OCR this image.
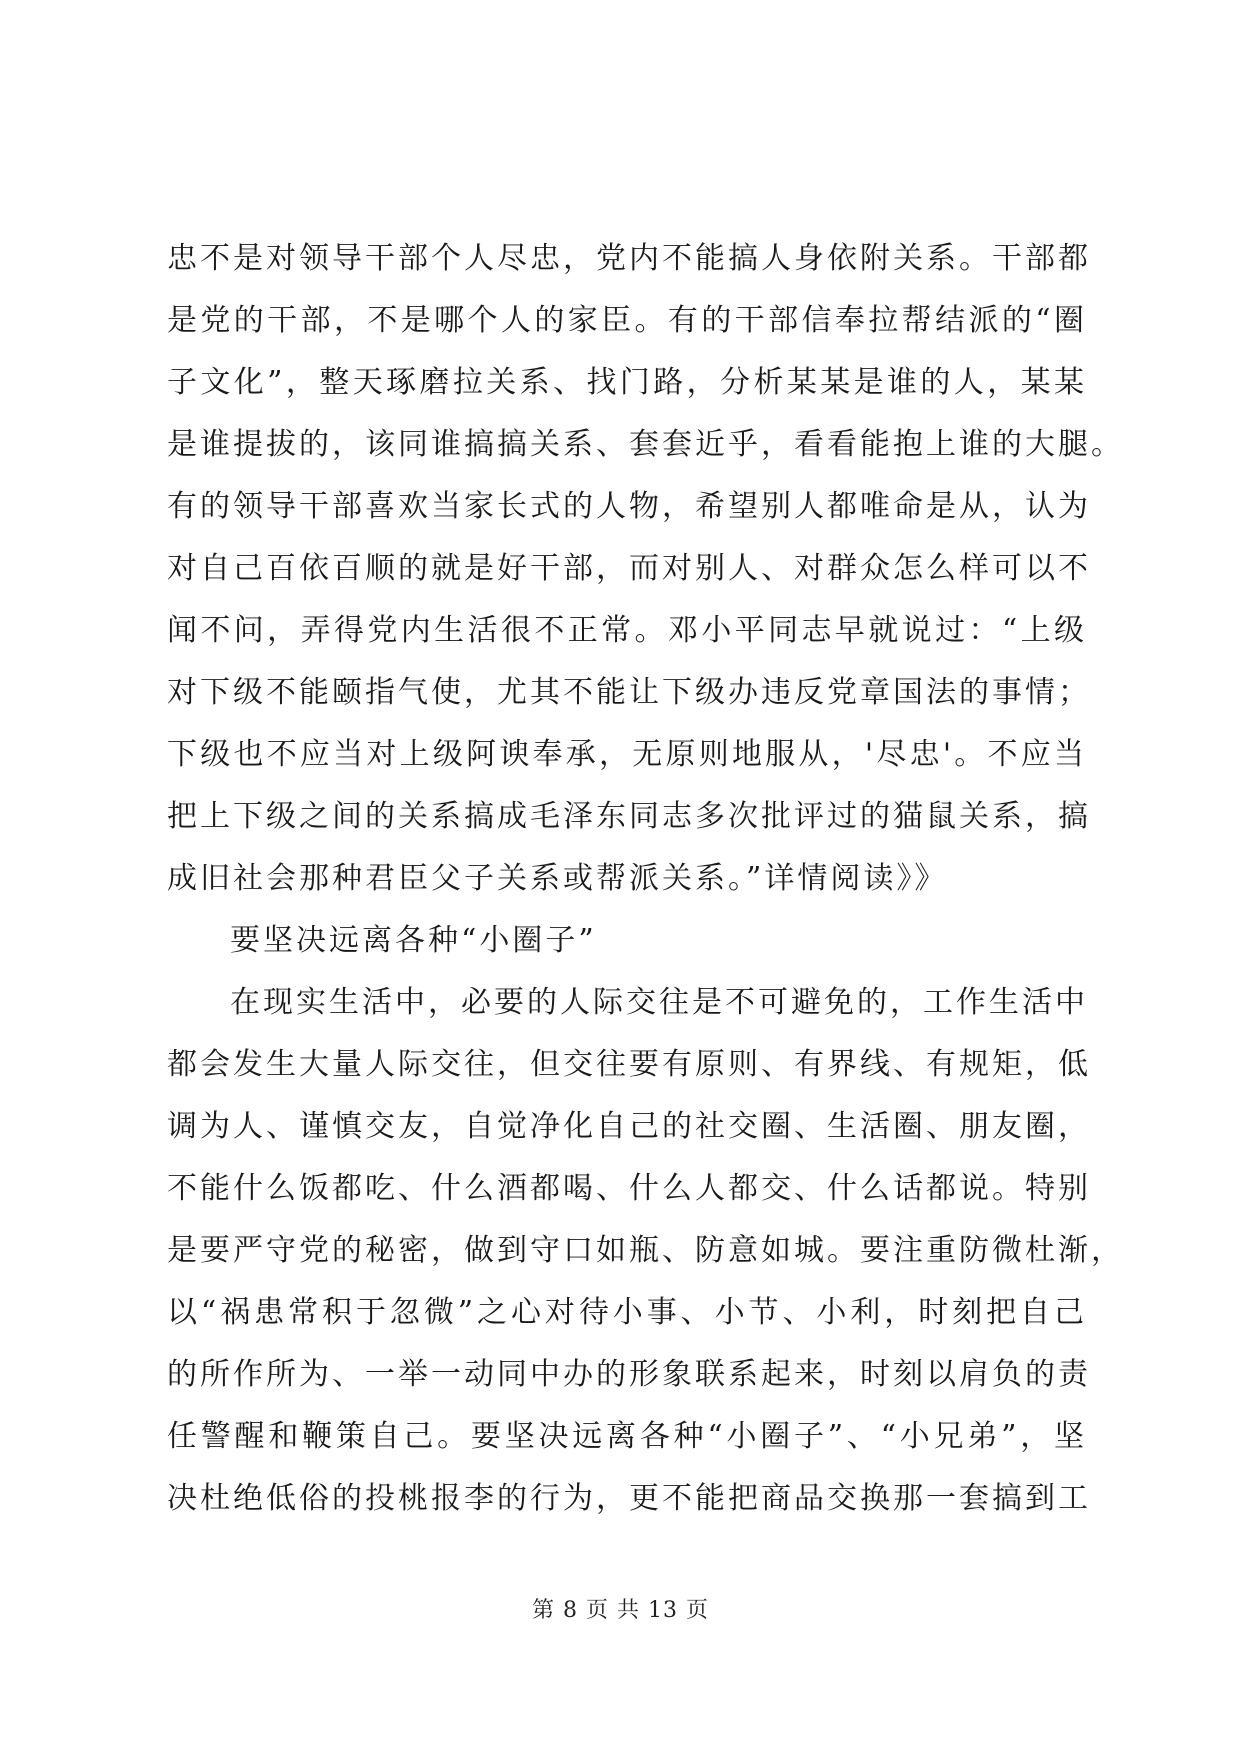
忠不是对领导干部个人尽忠，党内不能搞人身依附关系。干部都
是党的干部，不是哪个人的家臣。有的干部信奉拉帮结派的“圈
子文化”，整天琢磨拉关系、找门路，分析某某是谁的人，某某
是谁提拔的，该同谁搞搞关系、套套近乎，看看能抱上谁的大腿。
有的领导干部喜欢当家长式的人物，希望别人都唯命是从，认为
对自己百依百顺的就是好干部，而对别人、对群众怎么样可以不
闻不问，弄得党内生活很不正常。邓小平同志早就说过：“上级
对下级不能颐指气使，尤其不能让下级办违反党章国法的事情；
下级也不应当对上级阿谀奉承，无原则地服从，'尽忠'。不应当
把上下级之间的关系搞成毛泽东同志多次批评过的猫鼠关系，搞
成旧社会那种君臣父子关系或帮派关系。”详情阅读》》
要坚决远离各种“小圈子”
在现实生活中，必要的人际交往是不可避免的，工作生活中
都会发生大量人际交往，但交往要有原则、有界线、有规矩，低
调为人、谨慎交友，自觉净化自己的社交圈、生活圈、朋友圈，
不能什么饭都吃、什么酒都喝、什么人都交、什么话都说。特别
是要严守党的秘密，做到守口如瓶、防意如城。要注重防微杜渐，
以“祸患常积于忽微”之心对待小事、小节、小利，时刻把自己
的所作所为、一举一动同中办的形象联系起来，时刻以肩负的责
任警醒和鞭策自己。要坚决远离各种“小圈子”、“小兄弟”，坚
决杜绝低俗的投桃报李的行为，更不能把商品交换那一套搞到工
第 8 页 共 13 页
